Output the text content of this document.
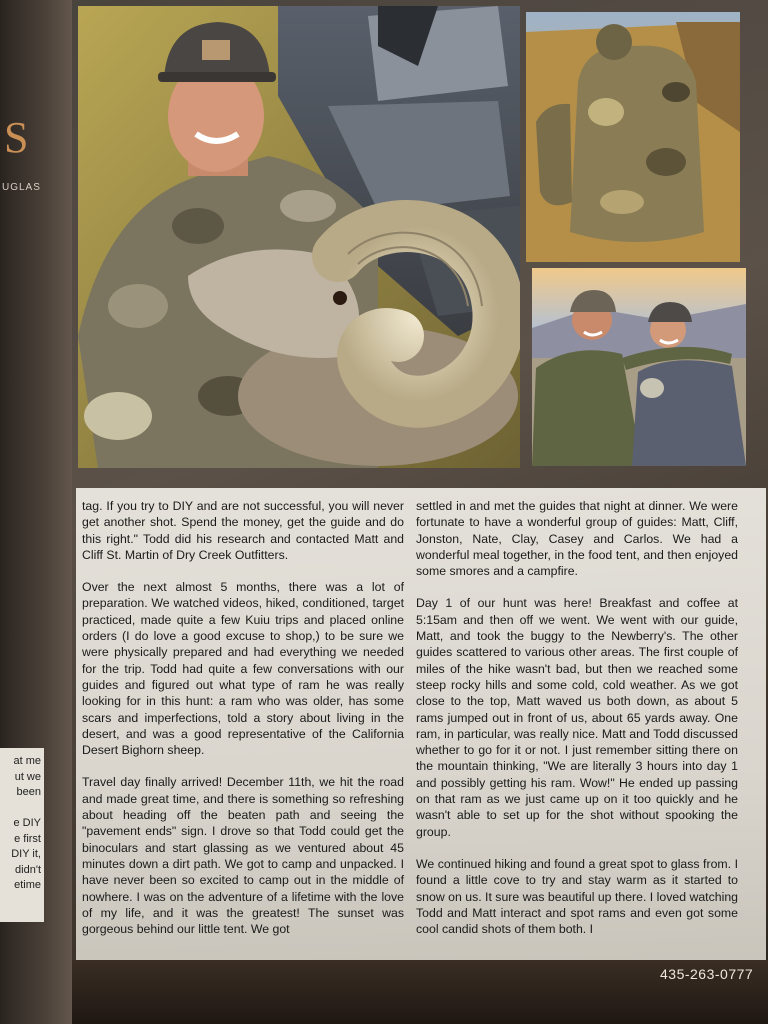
S
UGLAS
at me
ut we
been

e DIY
e first
DIY it,
didn't
etime

tag. If you try to DIY and are not successful, you will never get another shot. Spend the money, get the guide and do this right." Todd did his research and contacted Matt and Cliff St. Martin of Dry Creek Outfitters.

Over the next almost 5 months, there was a lot of preparation. We watched videos, hiked, conditioned, target practiced, made quite a few Kuiu trips and placed online orders (I do love a good excuse to shop,) to be sure we were physically prepared and had everything we needed for the trip. Todd had quite a few conversations with our guides and figured out what type of ram he was really looking for in this hunt: a ram who was older, has some scars and imperfections, told a story about living in the desert, and was a good representative of the California Desert Bighorn sheep.

Travel day finally arrived! December 11th, we hit the road and made great time, and there is something so refreshing about heading off the beaten path and seeing the "pavement ends" sign. I drove so that Todd could get the binoculars and start glassing as we ventured about 45 minutes down a dirt path. We got to camp and unpacked. I have never been so excited to camp out in the middle of nowhere. I was on the adventure of a lifetime with the love of my life, and it was the greatest! The sunset was gorgeous behind our little tent. We got

settled in and met the guides that night at dinner. We were fortunate to have a wonderful group of guides: Matt, Cliff, Jonston, Nate, Clay, Casey and Carlos. We had a wonderful meal together, in the food tent, and then enjoyed some smores and a campfire.

Day 1 of our hunt was here! Breakfast and coffee at 5:15am and then off we went. We went with our guide, Matt, and took the buggy to the Newberry's. The other guides scattered to various other areas. The first couple of miles of the hike wasn't bad, but then we reached some steep rocky hills and some cold, cold weather. As we got close to the top, Matt waved us both down, as about 5 rams jumped out in front of us, about 65 yards away. One ram, in particular, was really nice. Matt and Todd discussed whether to go for it or not. I just remember sitting there on the mountain thinking, "We are literally 3 hours into day 1 and possibly getting his ram. Wow!" He ended up passing on that ram as we just came up on it too quickly and he wasn't able to set up for the shot without spooking the group.

We continued hiking and found a great spot to glass from. I found a little cove to try and stay warm as it started to snow on us. It sure was beautiful up there. I loved watching Todd and Matt interact and spot rams and even got some cool candid shots of them both. I

435-263-0777
